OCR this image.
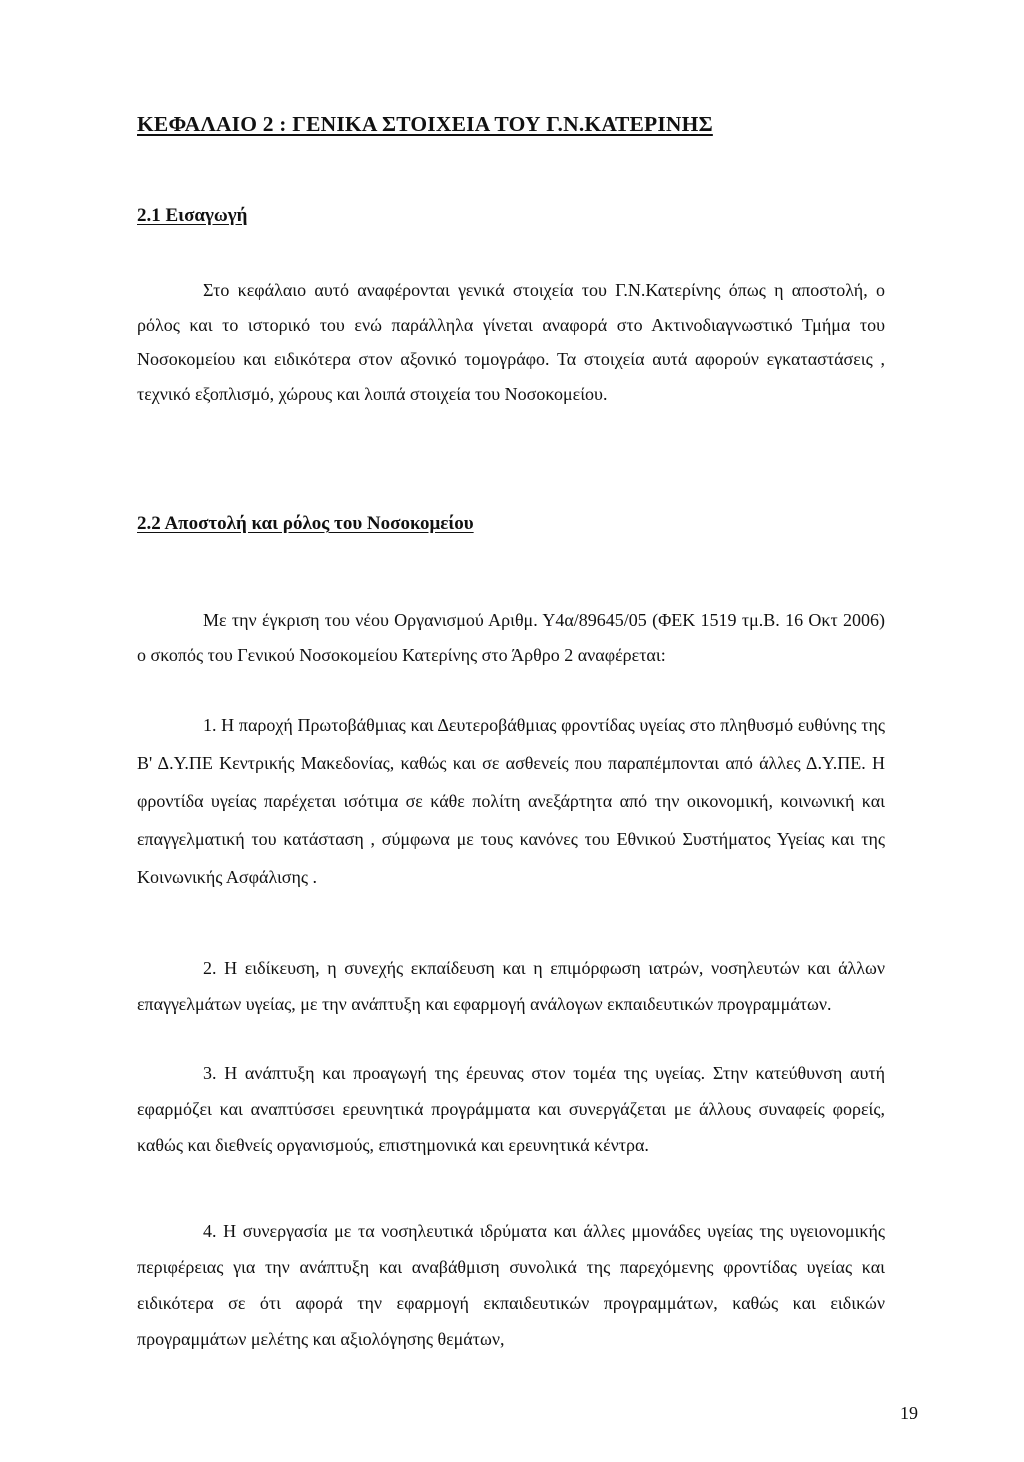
ΚΕΦΑΛΑΙΟ 2 : ΓΕΝΙΚΑ ΣΤΟΙΧΕΙΑ ΤΟΥ Γ.Ν.ΚΑΤΕΡΙΝΗΣ
2.1 Εισαγωγή

Στο κεφάλαιο αυτό αναφέρονται γενικά στοιχεία του Γ.Ν.Κατερίνης όπως η αποστολή, ο ρόλος και το ιστορικό του ενώ παράλληλα γίνεται αναφορά στο Ακτινοδιαγνωστικό Τμήμα του Νοσοκομείου και ειδικότερα στον αξονικό τομογράφο. Τα στοιχεία αυτά αφορούν εγκαταστάσεις , τεχνικό εξοπλισμό, χώρους και λοιπά στοιχεία του Νοσοκομείου.

2.2 Αποστολή και ρόλος του Νοσοκομείου

Με την έγκριση του νέου Οργανισμού Αριθμ. Υ4α/89645/05 (ΦΕΚ 1519 τμ.Β. 16 Οκτ 2006) ο σκοπός του Γενικού Νοσοκομείου Κατερίνης στο Άρθρο 2 αναφέρεται:

1. Η παροχή Πρωτοβάθμιας και Δευτεροβάθμιας φροντίδας υγείας στο πληθυσμό ευθύνης της Β' Δ.Υ.ΠΕ Κεντρικής Μακεδονίας, καθώς και σε ασθενείς που παραπέμπονται από άλλες Δ.Υ.ΠΕ. Η φροντίδα υγείας παρέχεται ισότιμα σε κάθε πολίτη ανεξάρτητα από την οικονομική, κοινωνική και επαγγελματική του κατάσταση , σύμφωνα με τους κανόνες του Εθνικού Συστήματος Υγείας και της Κοινωνικής Ασφάλισης .

2. Η ειδίκευση, η συνεχής εκπαίδευση και η επιμόρφωση ιατρών, νοσηλευτών και άλλων επαγγελμάτων υγείας, με την ανάπτυξη και εφαρμογή ανάλογων εκπαιδευτικών προγραμμάτων.

3. Η ανάπτυξη και προαγωγή της έρευνας στον τομέα της υγείας. Στην κατεύθυνση αυτή εφαρμόζει και αναπτύσσει ερευνητικά προγράμματα και συνεργάζεται με άλλους συναφείς φορείς, καθώς και διεθνείς οργανισμούς, επιστημονικά και ερευνητικά κέντρα.

4. Η συνεργασία με τα νοσηλευτικά ιδρύματα και άλλες μμονάδες υγείας της υγειονομικής περιφέρειας για την ανάπτυξη και αναβάθμιση συνολικά της παρεχόμενης φροντίδας υγείας και ειδικότερα σε ότι αφορά την εφαρμογή εκπαιδευτικών προγραμμάτων, καθώς και ειδικών προγραμμάτων μελέτης και αξιολόγησης θεμάτων,

19
